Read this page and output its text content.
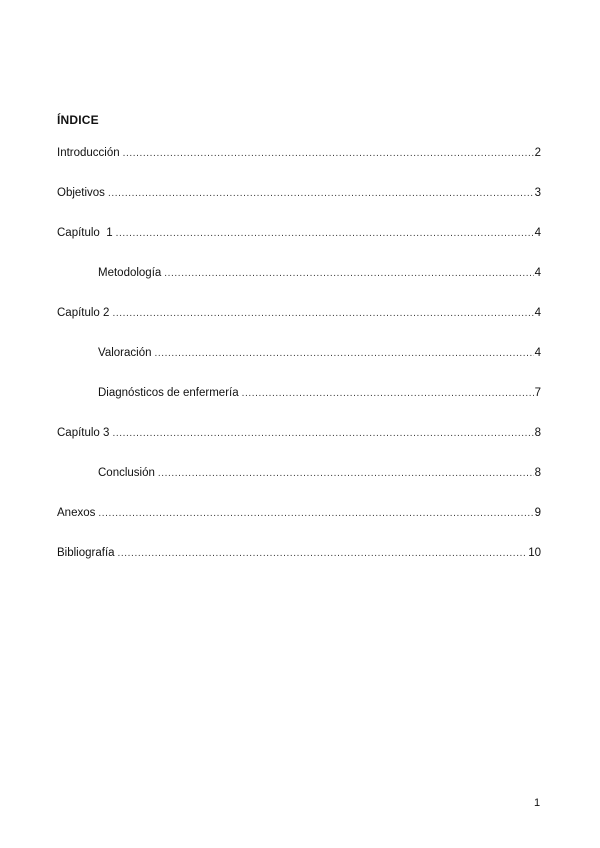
ÍNDICE
Introducción .....	2
Objetivos .....	3
Capítulo  1 .....	4
Metodología .....	4
Capítulo 2 .....	4
Valoración .....	4
Diagnósticos de enfermería .....	7
Capítulo 3 .....	8
Conclusión .....	8
Anexos .....	9
Bibliografía .....	10
1
